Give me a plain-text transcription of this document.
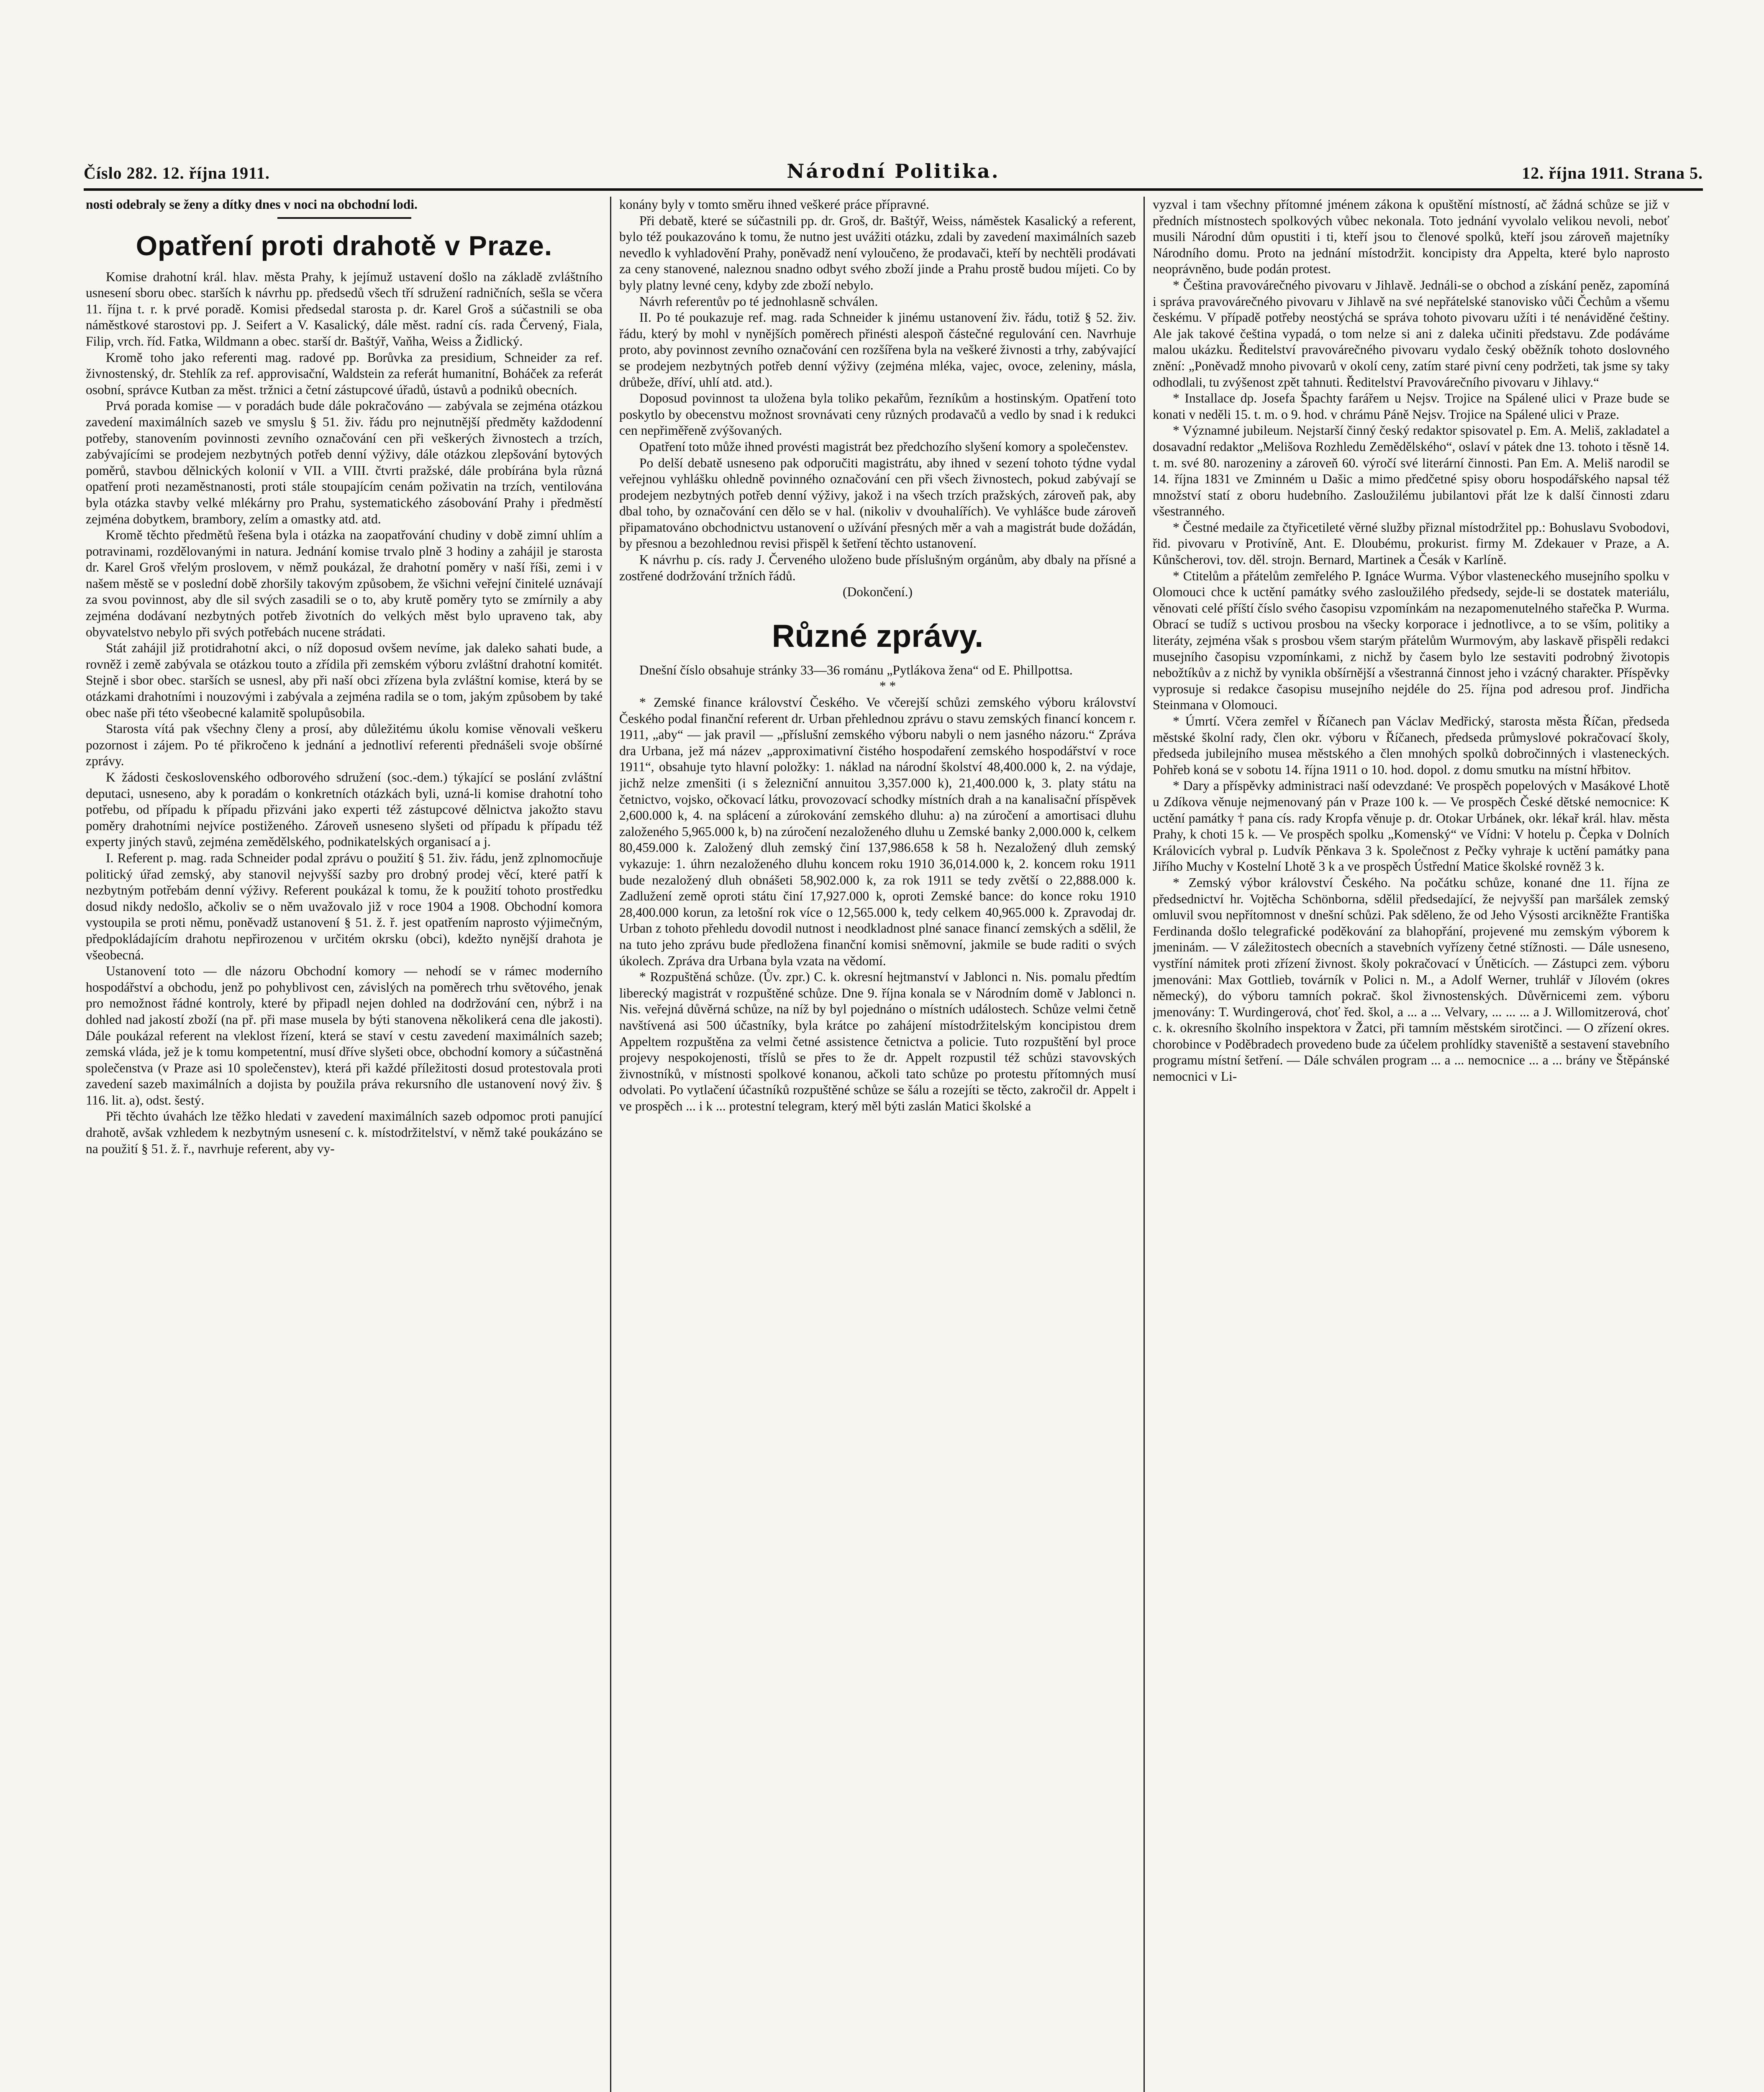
Číslo 282. 12. října 1911.	Národní Politika.	12. října 1911. Strana 5.

nosti odebraly se ženy a dítky dnes v noci na obchodní lodi.

Opatření proti drahotě v Praze.

Komise drahotní král. hlav. města Prahy, k jejímuž ustavení došlo na základě zvláštního usnesení sboru obec. starších k návrhu pp. předsedů všech tří sdružení radničních, sešla se včera 11. října t. r. k prvé poradě. Komisi předsedal starosta p. dr. Karel Groš a súčastnili se oba náměstkové starostovi pp. J. Seifert a V. Kasalický, dále měst. radní cís. rada Červený, Fiala, Filip, vrch. říd. Fatka, Wildmann a obec. starší dr. Baštýř, Vaňha, Weiss a Židlický.

Kromě toho jako referenti mag. radové pp. Borůvka za presidium, Schneider za ref. živnostenský, dr. Stehlík za ref. approvisační, Waldstein za referát humanitní, Boháček za referát osobní, správce Kutban za měst. tržnici a četní zástupcové úřadů, ústavů a podniků obecních.

Prvá porada komise — v poradách bude dále pokračováno — zabývala se zejména otázkou zavedení maximálních sazeb ve smyslu § 51. živ. řádu pro nejnutnější předměty každodenní potřeby, stanovením povinnosti zevního označování cen při veškerých živnostech a trzích, zabývajícími se prodejem nezbytných potřeb denní výživy, dále otázkou zlepšování bytových poměrů, stavbou dělnických kolonií v VII. a VIII. čtvrti pražské, dále probírána byla různá opatření proti nezaměstnanosti, proti stále stoupajícím cenám poživatin na trzích, ventilována byla otázka stavby velké mlékárny pro Prahu, systematického zásobování Prahy i předměstí zejména dobytkem, brambory, zelím a omastky atd. atd.

Kromě těchto předmětů řešena byla i otázka na zaopatřování chudiny v době zimní uhlím a potravinami, rozdělovanými in natura. Jednání komise trvalo plně 3 hodiny a zahájil je starosta dr. Karel Groš vřelým proslovem, v němž poukázal, že drahotní poměry v naší říši, zemi i v našem městě se v poslední době zhoršily takovým způsobem, že všichni veřejní činitelé uznávají za svou povinnost, aby dle sil svých zasadili se o to, aby krutě poměry tyto se zmírnily a aby zejména dodávaní nezbytných potřeb životních do velkých měst bylo upraveno tak, aby obyvatelstvo nebylo při svých potřebách nucene strádati.

Stát zahájil již protidrahotní akci, o níž doposud ovšem nevíme, jak daleko sahati bude, a rovněž i země zabývala se otázkou touto a zřídila při zemském výboru zvláštní drahotní komitét. Stejně i sbor obec. starších se usnesl, aby při naší obci zřízena byla zvláštní komise, která by se otázkami drahotními i nouzovými i zabývala a zejména radila se o tom, jakým způsobem by také obec naše při této všeobecné kalamitě spolupůsobila.

Starosta vítá pak všechny členy a prosí, aby důležitému úkolu komise věnovali veškeru pozornost i zájem. Po té přikročeno k jednání a jednotliví referenti přednášeli svoje obšírné zprávy.

K žádosti československého odborového sdružení (soc.-dem.) týkající se poslání zvláštní deputaci, usneseno, aby k poradám o konkretních otázkách byli, uzná-li komise drahotní toho potřebu, od případu k případu přizváni jako experti též zástupcové dělnictva jakožto stavu poměry drahotními nejvíce postiženého. Zároveň usneseno slyšeti od případu k případu též experty jiných stavů, zejména zemědělského, podnikatelských organisací a j.

I. Referent p. mag. rada Schneider podal zprávu o použití § 51. živ. řádu, jenž zplnomocňuje politický úřad zemský, aby stanovil nejvyšší sazby pro drobný prodej věcí, které patří k nezbytným potřebám denní výživy. Referent poukázal k tomu, že k použití tohoto prostředku dosud nikdy nedošlo, ačkoliv se o něm uvažovalo již v roce 1904 a 1908. Obchodní komora vystoupila se proti němu, poněvadž ustanovení § 51. ž. ř. jest opatřením naprosto výjimečným, předpokládajícím drahotu nepřirozenou v určitém okrsku (obci), kdežto nynější drahota je všeobecná.

Ustanovení toto — dle názoru Obchodní komory — nehodí se v rámec moderního hospodářství a obchodu, jenž po pohyblivost cen, závislých na poměrech trhu světového, jenak pro nemožnost řádné kontroly, které by připadl nejen dohled na dodržování cen, nýbrž i na dohled nad jakostí zboží (na př. při mase musela by býti stanovena několikerá cena dle jakosti). Dále poukázal referent na vleklost řízení, která se staví v cestu zavedení maximálních sazeb; zemská vláda, jež je k tomu kompetentní, musí dříve slyšeti obce, obchodní komory a súčastněná společenstva (v Praze asi 10 společenstev), která při každé příležitosti dosud protestovala proti zavedení sazeb maximálních a dojista by použila práva rekursního dle ustanovení nový živ. § 116. lit. a), odst. šestý.

Při těchto úvahách lze těžko hledati v zavedení maximálních sazeb odpomoc proti panující drahotě, avšak vzhledem k nezbytným usnesení c. k. místodržitelství, v němž také poukázáno se na použití § 51. ž. ř., navrhuje referent, aby vy-

konány byly v tomto směru ihned veškeré práce přípravné.

Při debatě, které se súčastnili pp. dr. Groš, dr. Baštýř, Weiss, náměstek Kasalický a referent, bylo též poukazováno k tomu, že nutno jest uvážiti otázku, zdali by zavedení maximálních sazeb nevedlo k vyhladovění Prahy, poněvadž není vyloučeno, že prodavači, kteří by nechtěli prodávati za ceny stanovené, naleznou snadno odbyt svého zboží jinde a Prahu prostě budou míjeti. Co by byly platny levné ceny, kdyby zde zboží nebylo.

Návrh referentův po té jednohlasně schválen.

II. Po té poukazuje ref. mag. rada Schneider k jinému ustanovení živ. řádu, totiž § 52. živ. řádu, který by mohl v nynějších poměrech přinésti alespoň částečné regulování cen. Navrhuje proto, aby povinnost zevního označování cen rozšířena byla na veškeré živnosti a trhy, zabývající se prodejem nezbytných potřeb denní výživy (zejména mléka, vajec, ovoce, zeleniny, másla, drůbeže, dříví, uhlí atd. atd.).

Doposud povinnost ta uložena byla toliko pekařům, řezníkům a hostinským. Opatření toto poskytlo by obecenstvu možnost srovnávati ceny různých prodavačů a vedlo by snad i k redukci cen nepřiměřeně zvýšovaných.

Opatření toto může ihned provésti magistrát bez předchozího slyšení komory a společenstev.

Po delší debatě usneseno pak odporučiti magistrátu, aby ihned v sezení tohoto týdne vydal veřejnou vyhlášku ohledně povinného označování cen při všech živnostech, pokud zabývají se prodejem nezbytných potřeb denní výživy, jakož i na všech trzích pražských, zároveň pak, aby dbal toho, by označování cen dělo se v hal. (nikoliv v dvouhalířích). Ve vyhlášce bude zároveň připamatováno obchodnictvu ustanovení o užívání přesných měr a vah a magistrát bude dožádán, by přesnou a bezohlednou revisi přispěl k šetření těchto ustanovení.

K návrhu p. cís. rady J. Červeného uloženo bude příslušným orgánům, aby dbaly na přísné a zostřené dodržování tržních řádů.

(Dokončení.)

Různé zprávy.

Dnešní číslo obsahuje stránky 33—36 románu „Pytlákova žena“ od E. Phillpottsa.

* *

* Zemské finance království Českého. Ve včerejší schůzi zemského výboru království Českého podal finanční referent dr. Urban přehlednou zprávu o stavu zemských financí koncem r. 1911, „aby“ — jak pravil — „příslušní zemského výboru nabyli o nem jasného názoru.“ Zpráva dra Urbana, jež má název „approximativní čistého hospodaření zemského hospodářství v roce 1911“, obsahuje tyto hlavní položky: 1. náklad na národní školství 48,400.000 k, 2. na výdaje, jichž nelze zmenšiti (i s železniční annuitou 3,357.000 k), 21,400.000 k, 3. platy státu na četnictvo, vojsko, očkovací látku, provozovací schodky místních drah a na kanalisační příspěvek 2,600.000 k, 4. na splácení a zúrokování zemského dluhu: a) na zúročení a amortisaci dluhu založeného 5,965.000 k, b) na zúročení nezaloženého dluhu u Zemské banky 2,000.000 k, celkem 80,459.000 k. Založený dluh zemský činí 137,986.658 k 58 h. Nezaložený dluh zemský vykazuje: 1. úhrn nezaloženého dluhu koncem roku 1910 36,014.000 k, 2. koncem roku 1911 bude nezaložený dluh obnášeti 58,902.000 k, za rok 1911 se tedy zvětší o 22,888.000 k. Zadlužení země oproti státu činí 17,927.000 k, oproti Zemské bance: do konce roku 1910 28,400.000 korun, za letošní rok více o 12,565.000 k, tedy celkem 40,965.000 k. Zpravodaj dr. Urban z tohoto přehledu dovodil nutnost i neodkladnost plné sanace financí zemských a sdělil, že na tuto jeho zprávu bude předložena finanční komisi sněmovní, jakmile se bude raditi o svých úkolech. Zpráva dra Urbana byla vzata na vědomí.

* Rozpuštěná schůze. (Ův. zpr.) C. k. okresní hejtmanství v Jablonci n. Nis. pomalu předtím liberecký magistrát v rozpuštěné schůze. Dne 9. října konala se v Národním domě v Jablonci n. Nis. veřejná důvěrná schůze, na níž by byl pojednáno o místních událostech. Schůze velmi četně navštívená asi 500 účastníky, byla krátce po zahájení místodržitelským koncipistou drem Appeltem rozpuštěna za velmi četné assistence četnictva a policie. Tuto rozpuštění byl proce projevy nespokojenosti, tříslů se přes to že dr. Appelt rozpustil též schůzi stavovských živnostníků, v místnosti spolkové konanou, ačkoli tato schůze po protestu přítomných musí odvolati. Po vytlačení účastníků rozpuštěné schůze se šálu a rozejíti se těcto, zakročil dr. Appelt i ve prospěch ... i k ... protestní telegram, který měl býti zaslán Matici školské a

vyzval i tam všechny přítomné jménem zákona k opuštění místností, ač žádná schůze se již v předních místnostech spolkových vůbec nekonala. Toto jednání vyvolalo velikou nevoli, neboť musili Národní dům opustiti i ti, kteří jsou to členové spolků, kteří jsou zároveň majetníky Národního domu. Proto na jednání místodržit. koncipisty dra Appelta, které bylo naprosto neoprávněno, bude podán protest.

* Čeština pravovárečného pivovaru v Jihlavě. Jednáli-se o obchod a získání peněz, zapomíná i správa pravovárečného pivovaru v Jihlavě na své nepřátelské stanovisko vůči Čechům a všemu českému. V případě potřeby neostýchá se správa tohoto pivovaru užíti i té nenáviděné češtiny. Ale jak takové čeština vypadá, o tom nelze si ani z daleka učiniti představu. Zde podáváme malou ukázku. Ředitelství pravovárečného pivovaru vydalo český oběžník tohoto doslovného znění: „Poněvadž mnoho pivovarů v okolí ceny, zatím staré pivní ceny podržeti, tak jsme sy taky odhodlali, tu zvýšenost zpět tahnuti. Ředitelství Pravovárečního pivovaru v Jihlavy.“

* Installace dp. Josefa Špachty farářem u Nejsv. Trojice na Spálené ulici v Praze bude se konati v neděli 15. t. m. o 9. hod. v chrámu Páně Nejsv. Trojice na Spálené ulici v Praze.

* Významné jubileum. Nejstarší činný český redaktor spisovatel p. Em. A. Meliš, zakladatel a dosavadní redaktor „Melišova Rozhledu Zemědělského“, oslaví v pátek dne 13. tohoto i těsně 14. t. m. své 80. narozeniny a zároveň 60. výročí své literární činnosti. Pan Em. A. Meliš narodil se 14. října 1831 ve Zminném u Dašic a mimo předčetné spisy oboru hospodářského napsal též množství statí z oboru hudebního. Zasloužilému jubilantovi přát lze k další činnosti zdaru všestranného.

* Čestné medaile za čtyřicetileté věrné služby přiznal místodržitel pp.: Bohuslavu Svobodovi, řid. pivovaru v Protivíně, Ant. E. Dloubému, prokurist. firmy M. Zdekauer v Praze, a A. Kůnšcherovi, tov. děl. strojn. Bernard, Martinek a Česák v Karlíně.

* Ctitelům a přátelům zemřelého P. Ignáce Wurma. Výbor vlasteneckého musejního spolku v Olomouci chce k uctění památky svého zasloužilého předsedy, sejde-li se dostatek materiálu, věnovati celé příští číslo svého časopisu vzpomínkám na nezapomenutelného stařečka P. Wurma. Obrací se tudíž s uctivou prosbou na všecky korporace i jednotlivce, a to se vším, politiky a literáty, zejména však s prosbou všem starým přátelům Wurmovým, aby laskavě přispěli redakci musejního časopisu vzpomínkami, z nichž by časem bylo lze sestaviti podrobný životopis nebožtíkův a z nichž by vynikla obšírnější a všestranná činnost jeho i vzácný charakter. Příspěvky vyprosuje si redakce časopisu musejního nejdéle do 25. října pod adresou prof. Jindřicha Steinmana v Olomouci.

* Úmrtí. Včera zemřel v Říčanech pan Václav Medřický, starosta města Říčan, předseda městské školní rady, člen okr. výboru v Říčanech, předseda průmyslové pokračovací školy, předseda jubilejního musea městského a člen mnohých spolků dobročinných i vlasteneckých. Pohřeb koná se v sobotu 14. října 1911 o 10. hod. dopol. z domu smutku na místní hřbitov.

* Dary a příspěvky administraci naší odevzdané: Ve prospěch popelových v Masákové Lhotě u Zdíkova věnuje nejmenovaný pán v Praze 100 k. — Ve prospěch České dětské nemocnice: K uctění památky † pana cís. rady Kropfa věnuje p. dr. Otokar Urbánek, okr. lékař král. hlav. města Prahy, k choti 15 k. — Ve prospěch spolku „Komenský“ ve Vídni: V hotelu p. Čepka v Dolních Královicích vybral p. Ludvík Pěnkava 3 k. Společnost z Pečky vyhraje k uctění památky pana Jiřího Muchy v Kostelní Lhotě 3 k a ve prospěch Ústřední Matice školské rovněž 3 k.

* Zemský výbor království Českého. Na počátku schůze, konané dne 11. října ze předsednictví hr. Vojtěcha Schönborna, sdělil předsedající, že nejvyšší pan maršálek zemský omluvil svou nepřítomnost v dnešní schůzi. Pak sděleno, že od Jeho Výsosti arcikněžte Františka Ferdinanda došlo telegrafické poděkování za blahopřání, projevené mu zemským výborem k jmeninám. — V záležitostech obecních a stavebních vyřízeny četné stížnosti. — Dále usneseno, vystříní námitek proti zřízení živnost. školy pokračovací v Úněticích. — Zástupci zem. výboru jmenováni: Max Gottlieb, továrník v Polici n. M., a Adolf Werner, truhlář v Jílovém (okres německý), do výboru tamních pokrač. škol živnostenských. Důvěrnicemi zem. výboru jmenovány: T. Wurdingerová, choť řed. škol, a ... a ... Velvary, ... ... ... a J. Willomitzerová, choť c. k. okresního školního inspektora v Žatci, při tamním městském sirotčinci. — O zřízení okres. chorobince v Poděbradech provedeno bude za účelem prohlídky staveniště a sestavení stavebního programu místní šetření. — Dále schválen program ... a ... nemocnice ... a ... brány ve Štěpánské nemocnici v Li-
